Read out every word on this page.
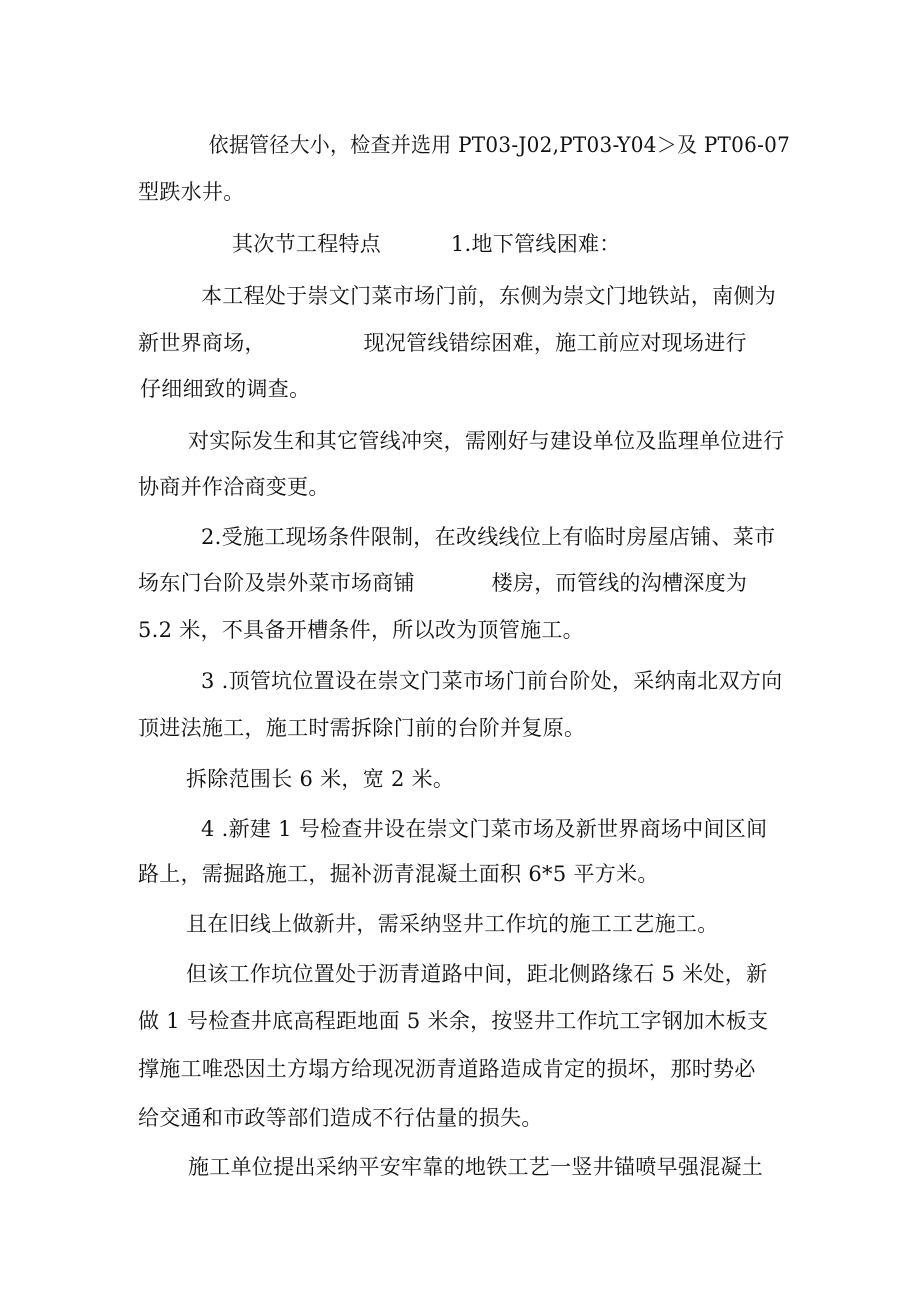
依据管径大小，检查并选用 PT03-J02,PT03-Y04＞及 PT06-07
型跌水井。
其次节工程特点          1.地下管线困难：
本工程处于崇文门菜市场门前，东侧为崇文门地铁站，南侧为
新世界商场，              现况管线错综困难，施工前应对现场进行
仔细细致的调查。
对实际发生和其它管线冲突，需刚好与建设单位及监理单位进行
协商并作洽商变更。
2.受施工现场条件限制，在改线线位上有临时房屋店铺、菜市
场东门台阶及崇外菜市场商铺           楼房，而管线的沟槽深度为
5.2 米，不具备开槽条件，所以改为顶管施工。
3 .顶管坑位置设在崇文门菜市场门前台阶处，采纳南北双方向
顶进法施工，施工时需拆除门前的台阶并复原。
拆除范围长 6 米，宽 2 米。
4 .新建 1 号检查井设在崇文门菜市场及新世界商场中间区间
路上，需掘路施工，掘补沥青混凝土面积 6*5 平方米。
且在旧线上做新井，需采纳竖井工作坑的施工工艺施工。
但该工作坑位置处于沥青道路中间，距北侧路缘石 5 米处，新
做 1 号检查井底高程距地面 5 米余，按竖井工作坑工字钢加木板支
撑施工唯恐因土方塌方给现况沥青道路造成肯定的损坏，那时势必
给交通和市政等部们造成不行估量的损失。
施工单位提出采纳平安牢靠的地铁工艺一竖井锚喷早强混凝土
